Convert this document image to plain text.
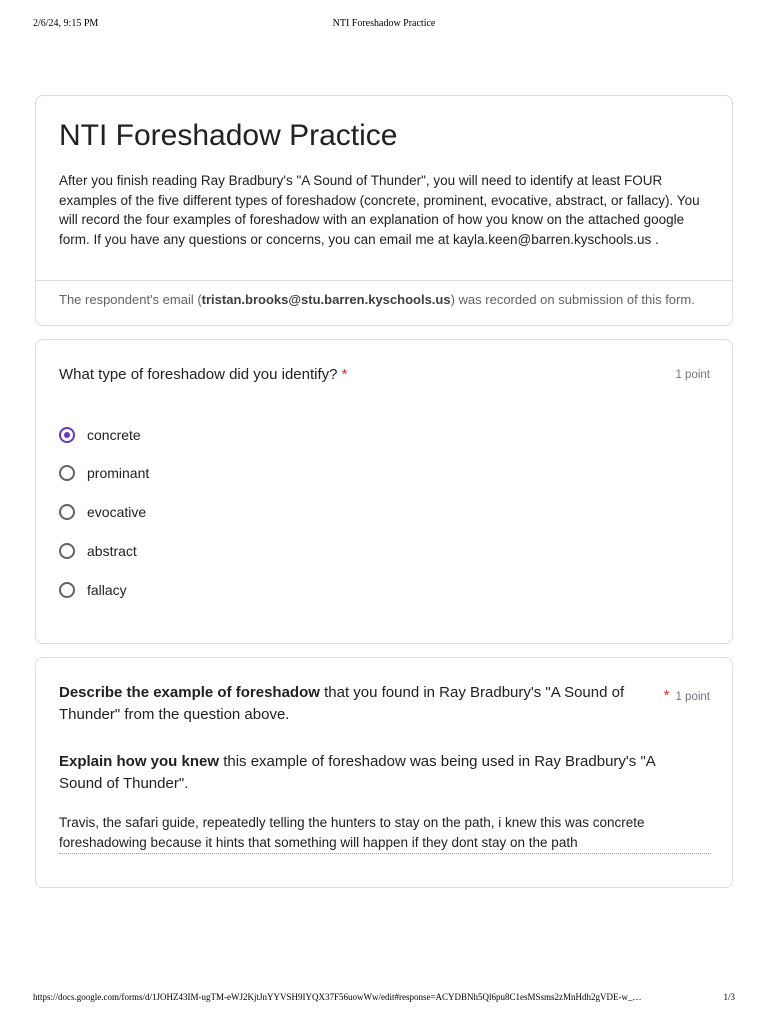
2/6/24, 9:15 PM	NTI Foreshadow Practice
NTI Foreshadow Practice
After you finish reading Ray Bradbury's "A Sound of Thunder", you will need to identify at least FOUR examples of the five different types of foreshadow (concrete, prominent, evocative, abstract, or fallacy). You will record the four examples of foreshadow with an explanation of how you know on the attached google form. If you have any questions or concerns, you can email me at kayla.keen@barren.kyschools.us .
The respondent's email (tristan.brooks@stu.barren.kyschools.us) was recorded on submission of this form.
What type of foreshadow did you identify? *	1 point
concrete
prominant
evocative
abstract
fallacy
Describe the example of foreshadow that you found in Ray Bradbury's "A Sound of Thunder" from the question above.
* 1 point
Explain how you knew this example of foreshadow was being used in Ray Bradbury's "A Sound of Thunder".
Travis, the safari guide, repeatedly telling the hunters to stay on the path, i knew this was concrete foreshadowing because it hints that something will happen if they dont stay on the path
https://docs.google.com/forms/d/1JOHZ43IM-ugTM-eWJ2KjtJnYYVSH9IYQX37F56uowWw/edit#response=ACYDBNh5Ql6pu8C1esMSsms2zMnHdh2gVDE-w_…	1/3
